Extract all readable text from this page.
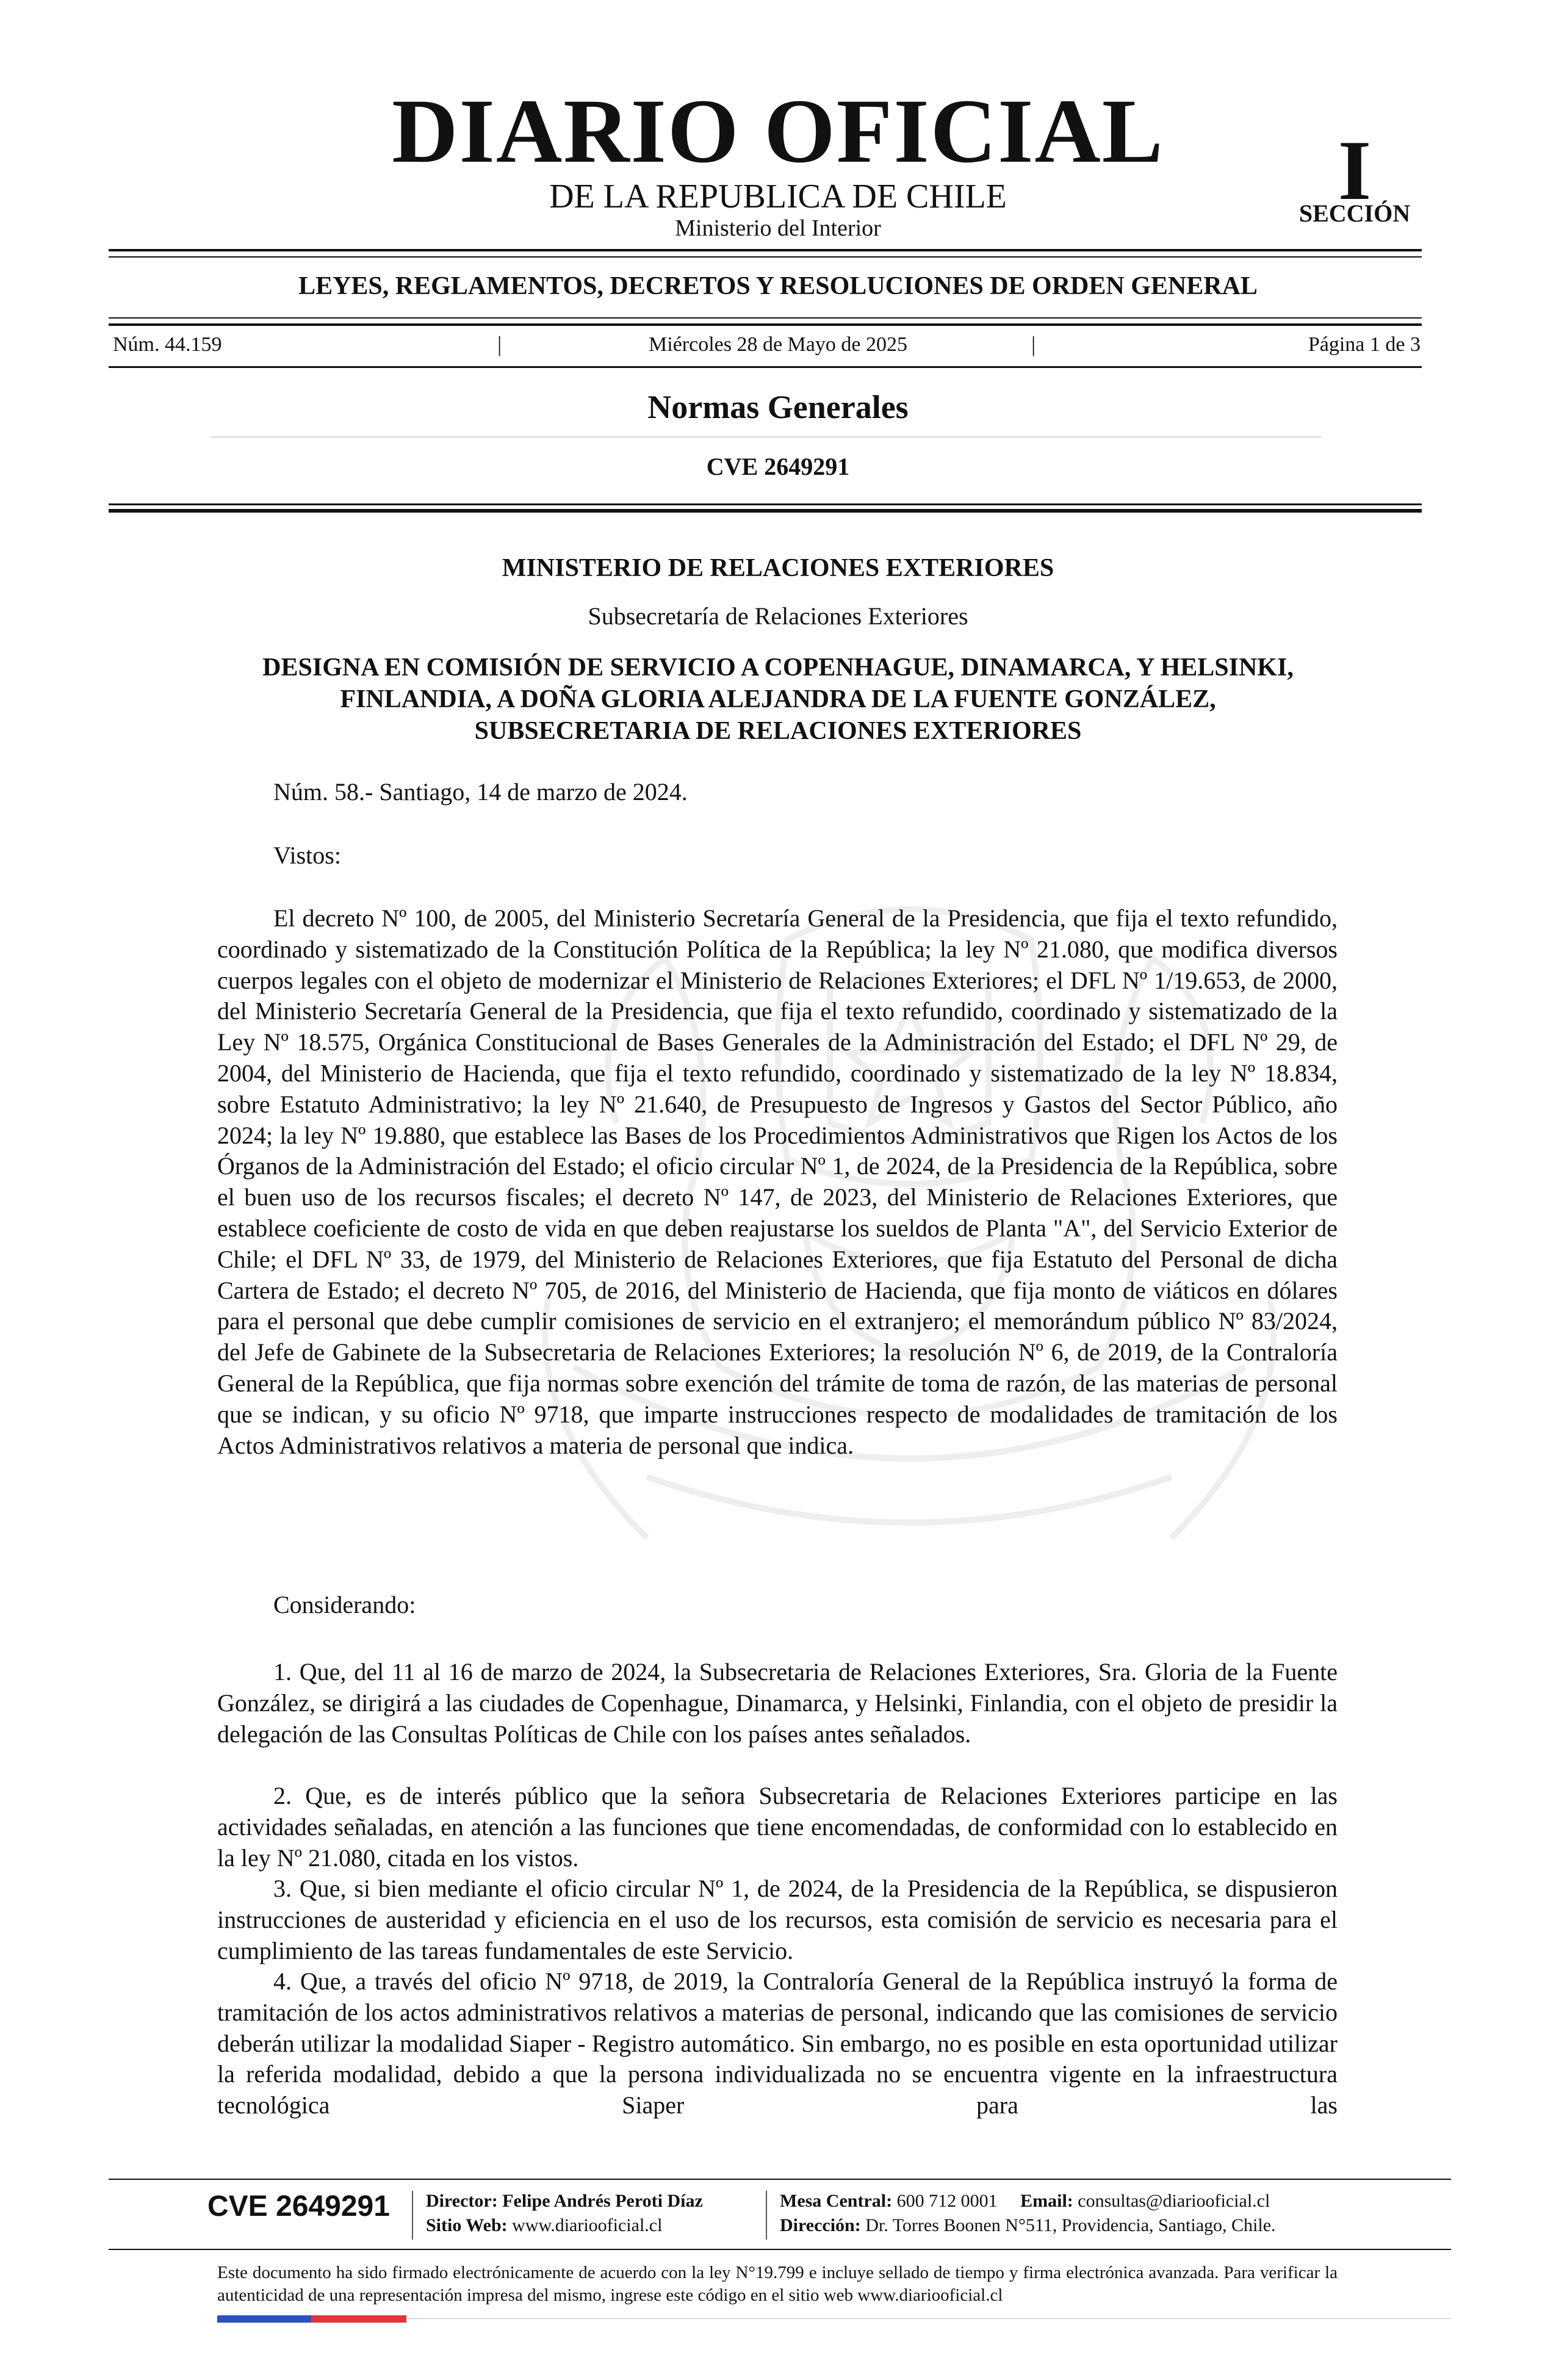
DIARIO OFICIAL
DE LA REPUBLICA DE CHILE
Ministerio del Interior
I
SECCIÓN
LEYES, REGLAMENTOS, DECRETOS Y RESOLUCIONES DE ORDEN GENERAL
Núm. 44.159	|	Miércoles 28 de Mayo de 2025	|	Página 1 de 3
Normas Generales
CVE 2649291
MINISTERIO DE RELACIONES EXTERIORES
Subsecretaría de Relaciones Exteriores
DESIGNA EN COMISIÓN DE SERVICIO A COPENHAGUE, DINAMARCA, Y HELSINKI, FINLANDIA, A DOÑA GLORIA ALEJANDRA DE LA FUENTE GONZÁLEZ, SUBSECRETARIA DE RELACIONES EXTERIORES
Núm. 58.- Santiago, 14 de marzo de 2024.
Vistos:

El decreto Nº 100, de 2005, del Ministerio Secretaría General de la Presidencia, que fija el texto refundido, coordinado y sistematizado de la Constitución Política de la República; la ley Nº 21.080, que modifica diversos cuerpos legales con el objeto de modernizar el Ministerio de Relaciones Exteriores; el DFL Nº 1/19.653, de 2000, del Ministerio Secretaría General de la Presidencia, que fija el texto refundido, coordinado y sistematizado de la Ley Nº 18.575, Orgánica Constitucional de Bases Generales de la Administración del Estado; el DFL Nº 29, de 2004, del Ministerio de Hacienda, que fija el texto refundido, coordinado y sistematizado de la ley Nº 18.834, sobre Estatuto Administrativo; la ley Nº 21.640, de Presupuesto de Ingresos y Gastos del Sector Público, año 2024; la ley Nº 19.880, que establece las Bases de los Procedimientos Administrativos que Rigen los Actos de los Órganos de la Administración del Estado; el oficio circular Nº 1, de 2024, de la Presidencia de la República, sobre el buen uso de los recursos fiscales; el decreto Nº 147, de 2023, del Ministerio de Relaciones Exteriores, que establece coeficiente de costo de vida en que deben reajustarse los sueldos de Planta "A", del Servicio Exterior de Chile; el DFL Nº 33, de 1979, del Ministerio de Relaciones Exteriores, que fija Estatuto del Personal de dicha Cartera de Estado; el decreto Nº 705, de 2016, del Ministerio de Hacienda, que fija monto de viáticos en dólares para el personal que debe cumplir comisiones de servicio en el extranjero; el memorándum público Nº 83/2024, del Jefe de Gabinete de la Subsecretaria de Relaciones Exteriores; la resolución Nº 6, de 2019, de la Contraloría General de la República, que fija normas sobre exención del trámite de toma de razón, de las materias de personal que se indican, y su oficio Nº 9718, que imparte instrucciones respecto de modalidades de tramitación de los Actos Administrativos relativos a materia de personal que indica.

Considerando:

1. Que, del 11 al 16 de marzo de 2024, la Subsecretaria de Relaciones Exteriores, Sra. Gloria de la Fuente González, se dirigirá a las ciudades de Copenhague, Dinamarca, y Helsinki, Finlandia, con el objeto de presidir la delegación de las Consultas Políticas de Chile con los países antes señalados.

2. Que, es de interés público que la señora Subsecretaria de Relaciones Exteriores participe en las actividades señaladas, en atención a las funciones que tiene encomendadas, de conformidad con lo establecido en la ley Nº 21.080, citada en los vistos.

3. Que, si bien mediante el oficio circular Nº 1, de 2024, de la Presidencia de la República, se dispusieron instrucciones de austeridad y eficiencia en el uso de los recursos, esta comisión de servicio es necesaria para el cumplimiento de las tareas fundamentales de este Servicio.

4. Que, a través del oficio Nº 9718, de 2019, la Contraloría General de la República instruyó la forma de tramitación de los actos administrativos relativos a materias de personal, indicando que las comisiones de servicio deberán utilizar la modalidad Siaper - Registro automático. Sin embargo, no es posible en esta oportunidad utilizar la referida modalidad, debido a que la persona individualizada no se encuentra vigente en la infraestructura tecnológica Siaper para las

CVE 2649291 Director: Felipe Andrés Peroti Díaz
Sitio Web: www.diariooficial.cl
Mesa Central: 600 712 0001 Email: consultas@diariooficial.cl
Dirección: Dr. Torres Boonen N°511, Providencia, Santiago, Chile.

Este documento ha sido firmado electrónicamente de acuerdo con la ley N°19.799 e incluye sellado de tiempo y firma electrónica avanzada. Para verificar la autenticidad de una representación impresa del mismo, ingrese este código en el sitio web www.diariooficial.cl
